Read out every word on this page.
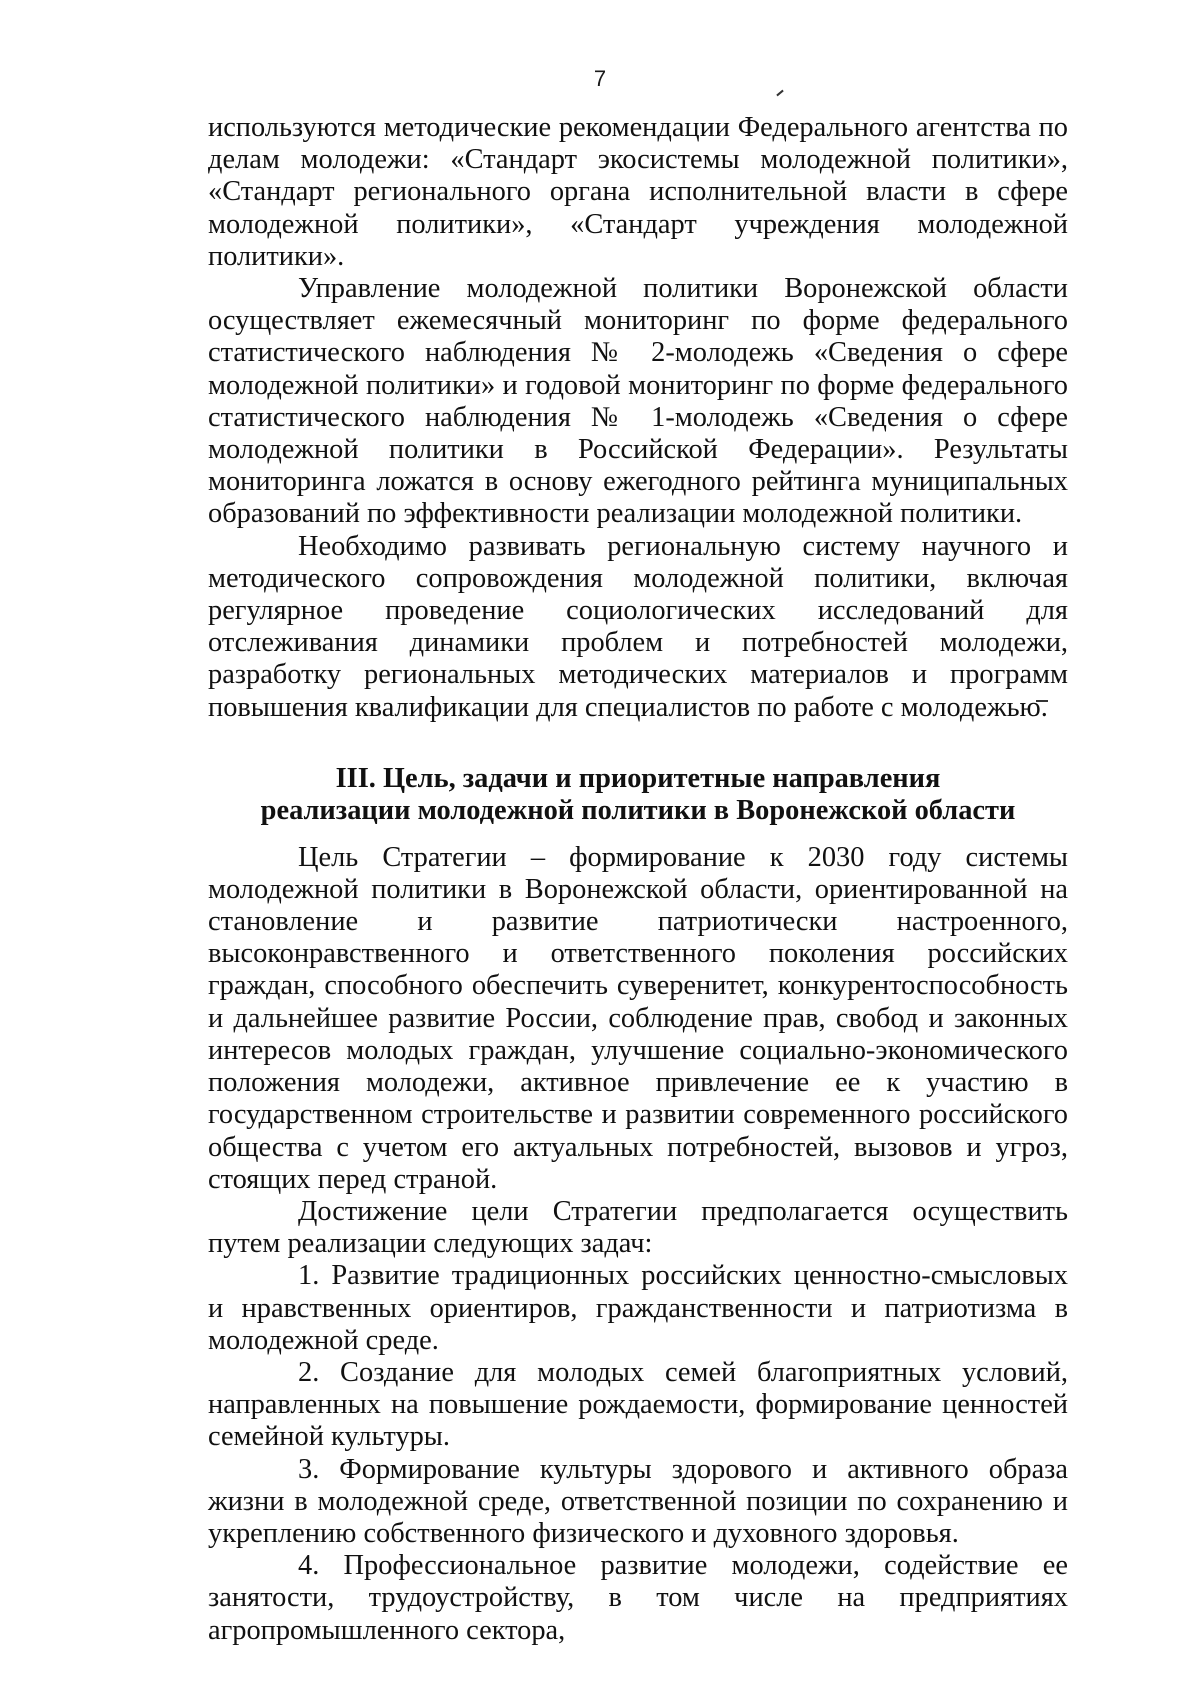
7

используются методические рекомендации Федерального агентства по делам молодежи: «Стандарт экосистемы молодежной политики», «Стандарт регионального органа исполнительной власти в сфере молодежной политики», «Стандарт учреждения молодежной политики».

Управление молодежной политики Воронежской области осуществляет ежемесячный мониторинг по форме федерального статистического наблюдения № 2-молодежь «Сведения о сфере молодежной политики» и годовой мониторинг по форме федерального статистического наблюдения № 1-молодежь «Сведения о сфере молодежной политики в Российской Федерации». Результаты мониторинга ложатся в основу ежегодного рейтинга муниципальных образований по эффективности реализации молодежной политики.

Необходимо развивать региональную систему научного и методического сопровождения молодежной политики, включая регулярное проведение социологических исследований для отслеживания динамики проблем и потребностей молодежи, разработку региональных методических материалов и программ повышения квалификации для специалистов по работе с молодежью.

III. Цель, задачи и приоритетные направления
реализации молодежной политики в Воронежской области

Цель Стратегии – формирование к 2030 году системы молодежной политики в Воронежской области, ориентированной на становление и развитие патриотически настроенного, высоконравственного и ответственного поколения российских граждан, способного обеспечить суверенитет, конкурентоспособность и дальнейшее развитие России, соблюдение прав, свобод и законных интересов молодых граждан, улучшение социально-экономического положения молодежи, активное привлечение ее к участию в государственном строительстве и развитии современного российского общества с учетом его актуальных потребностей, вызовов и угроз, стоящих перед страной.

Достижение цели Стратегии предполагается осуществить путем реализации следующих задач:

1. Развитие традиционных российских ценностно-смысловых и нравственных ориентиров, гражданственности и патриотизма в молодежной среде.

2. Создание для молодых семей благоприятных условий, направленных на повышение рождаемости, формирование ценностей семейной культуры.

3. Формирование культуры здорового и активного образа жизни в молодежной среде, ответственной позиции по сохранению и укреплению собственного физического и духовного здоровья.

4. Профессиональное развитие молодежи, содействие ее занятости, трудоустройству, в том числе на предприятиях агропромышленного сектора,
